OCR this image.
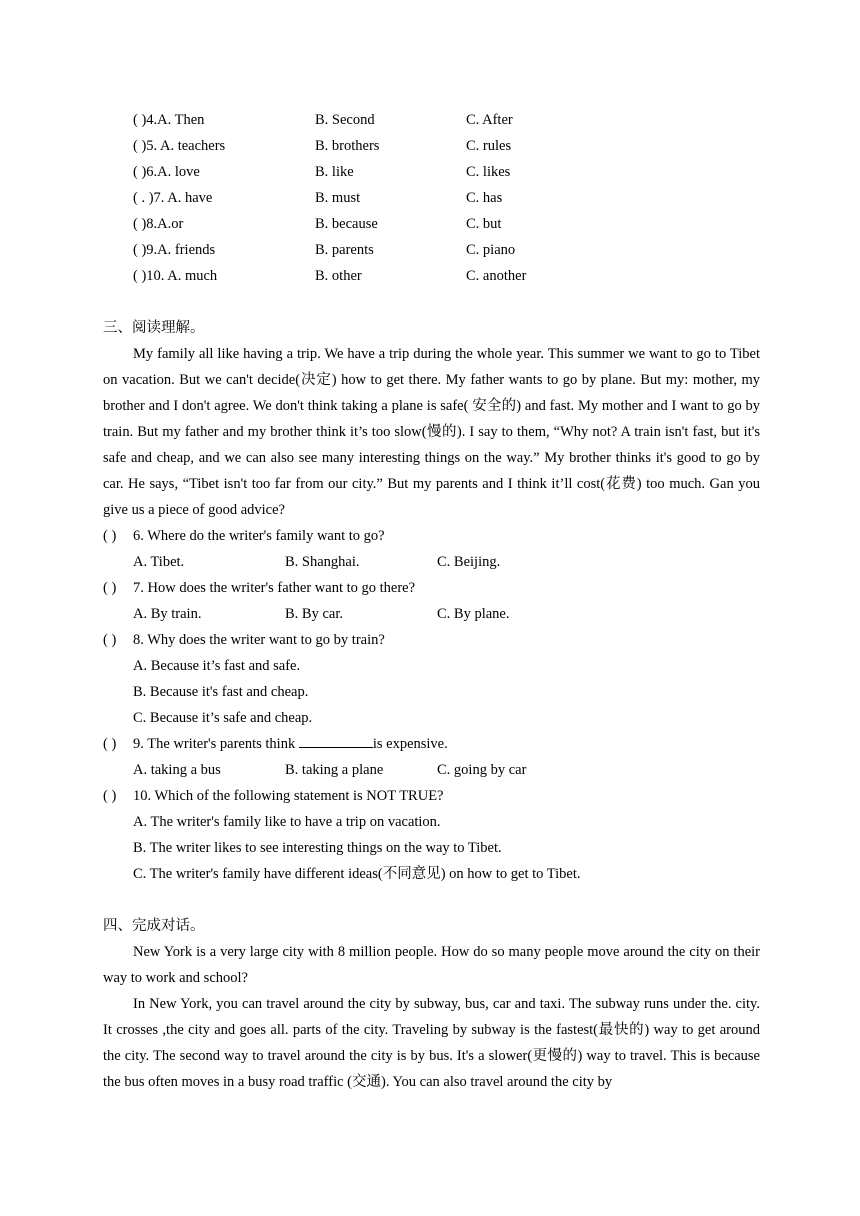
( )4.A. Then	B. Second	C. After
( )5. A. teachers	B. brothers	C. rules
( )6.A. love	B. like	C. likes
( . )7. A. have	B. must	C. has
( )8.A.or	B. because	C. but
( )9.A. friends	B. parents	C. piano
( )10. A. much	B. other	C. another
三、阅读理解。
My family all like having a trip. We have a trip during the whole year. This summer we want to go to Tibet on vacation. But we can't decide(决定) how to get there. My father wants to go by plane. But my: mother, my brother and I don't agree. We don't think taking a plane is safe( 安全的) and fast. My mother and I want to go by train. But my father and my brother think it’s too slow(慢的). I say to them, “Why not? A train isn't fast, but it's safe and cheap, and we can also see many interesting things on the way.” My brother thinks it's good to go by car. He says, “Tibet isn't too far from our city.” But my parents and I think it’ll cost(花费) too much. Gan you give us a piece of good advice?
( ) 6. Where do the writer's family want to go?
A. Tibet.	B. Shanghai.	C. Beijing.
( ) 7. How does the writer's father want to go there?
A. By train.	B. By car.	C. By plane.
( ) 8. Why does the writer want to go by train?
A. Because it’s fast and safe.
B. Because it's fast and cheap.
C. Because it’s safe and cheap.
( ) 9. The writer's parents think	is expensive.
A. taking a bus	B. taking a plane	C. going by car
( ) 10. Which of the following statement is NOT TRUE?
A. The writer's family like to have a trip on vacation.
B. The writer likes to see interesting things on the way to Tibet.
C. The writer's family have different ideas(不同意见) on how to get to Tibet.
四、完成对话。
New York is a very large city with 8 million people. How do so many people move around the city on their way to work and school?
In New York, you can travel around the city by subway, bus, car and taxi. The subway runs under the. city. It crosses ,the city and goes all. parts of the city. Traveling by subway is the fastest(最快的) way to get around the city. The second way to travel around the city is by bus. It's a slower(更慢的) way to travel. This is because the bus often moves in a busy road traffic (交通). You can also travel around the city by
